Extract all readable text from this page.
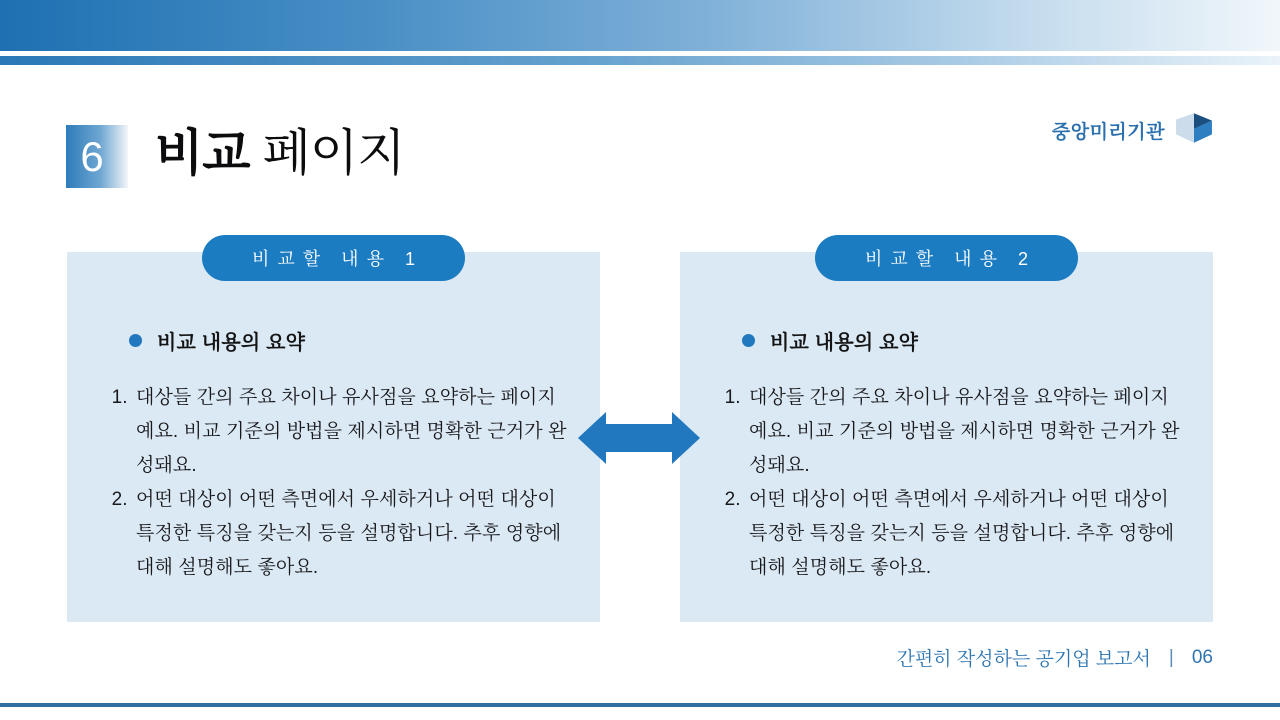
6 비교 페이지	중앙미리기관
비교 내용의 요약
1. 대상들 간의 주요 차이나 유사점을 요약하는 페이지예요. 비교 기준의 방법을 제시하면 명확한 근거가 완성돼요.
2. 어떤 대상이 어떤 측면에서 우세하거나 어떤 대상이 특정한 특징을 갖는지 등을 설명합니다. 추후 영향에 대해 설명해도 좋아요.
비교할 내용 1
비교 내용의 요약
1. 대상들 간의 주요 차이나 유사점을 요약하는 페이지예요. 비교 기준의 방법을 제시하면 명확한 근거가 완성돼요.
2. 어떤 대상이 어떤 측면에서 우세하거나 어떤 대상이 특정한 특징을 갖는지 등을 설명합니다. 추후 영향에 대해 설명해도 좋아요.
비교할 내용 2
간편히 작성하는 공기업 보고서 | 06
